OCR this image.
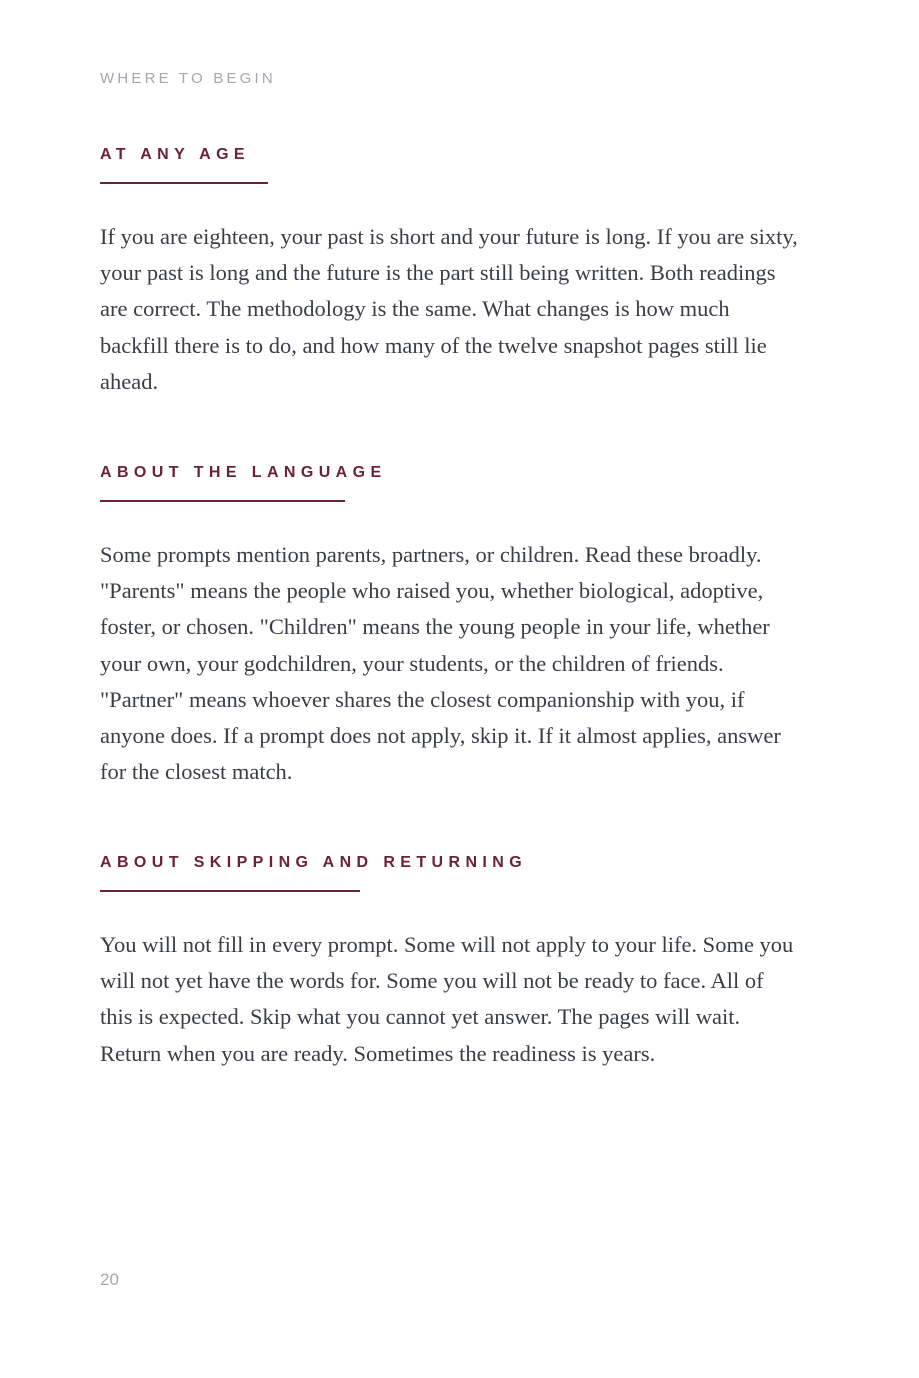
WHERE TO BEGIN

AT ANY AGE

If you are eighteen, your past is short and your future is long. If you are sixty, your past is long and the future is the part still being written. Both readings are correct. The methodology is the same. What changes is how much backfill there is to do, and how many of the twelve snapshot pages still lie ahead.

ABOUT THE LANGUAGE

Some prompts mention parents, partners, or children. Read these broadly. "Parents" means the people who raised you, whether biological, adoptive, foster, or chosen. "Children" means the young people in your life, whether your own, your godchildren, your students, or the children of friends. "Partner" means whoever shares the closest companionship with you, if anyone does. If a prompt does not apply, skip it. If it almost applies, answer for the closest match.

ABOUT SKIPPING AND RETURNING

You will not fill in every prompt. Some will not apply to your life. Some you will not yet have the words for. Some you will not be ready to face. All of this is expected. Skip what you cannot yet answer. The pages will wait. Return when you are ready. Sometimes the readiness is years.

20
